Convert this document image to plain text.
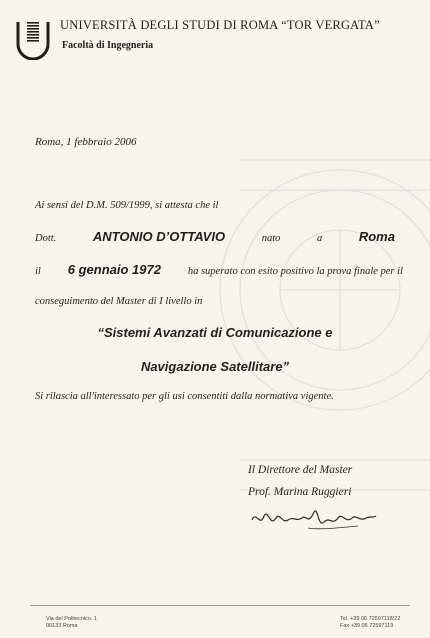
UNIVERSITÀ DEGLI STUDI DI ROMA “TOR VERGATA”
Facoltà di Ingegneria
Roma, 1 febbraio 2006
Ai sensi del D.M. 509/1999, si attesta che il
Dott.	ANTONIO D’OTTAVIO	nato	a	Roma
il 6 gennaio 1972	ha superato con esito positivo la prova finale per il
conseguimento del Master di I livello in
“Sistemi Avanzati di Comunicazione e
Navigazione Satellitare”
Si rilascia all'interessato per gli usi consentiti dalla normativa vigente.
Il Direttore del Master
Prof. Marina Ruggieri
Via del Politecnico, 1
00133 Roma
Tel. +39 06 72597118/22
Fax +39 06 72597119
